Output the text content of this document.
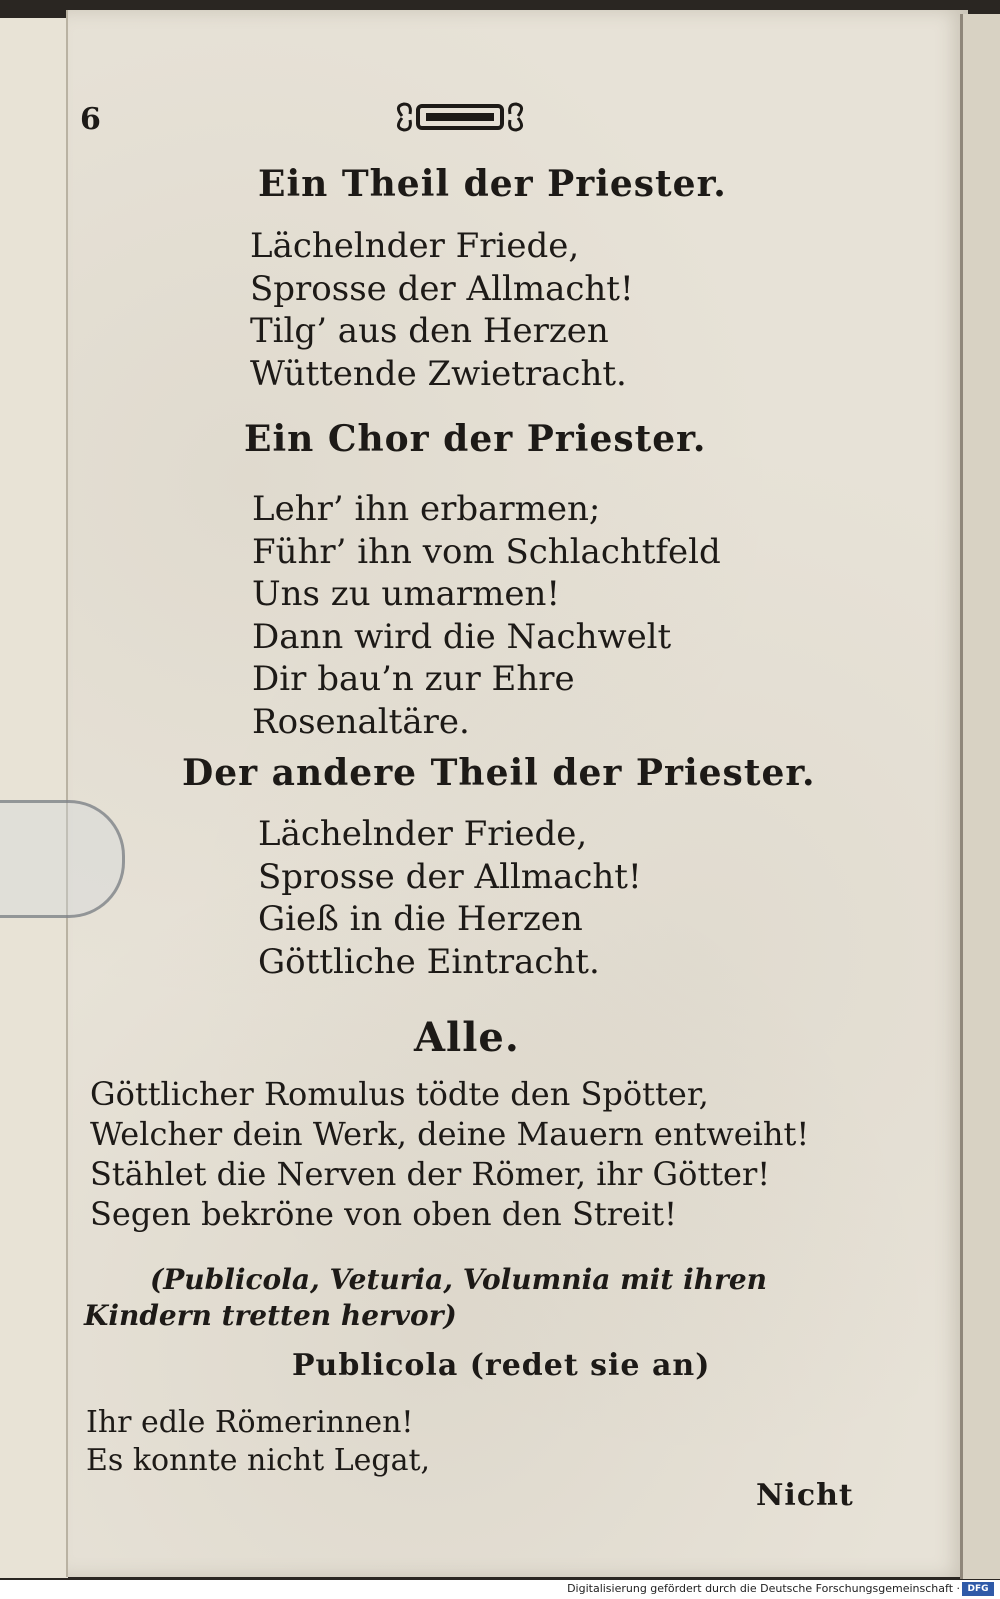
6
Ein Theil der Priester.
Lächelnder Friede,
Sprosse der Allmacht!
Tilg’ aus den Herzen
Wüttende Zwietracht.
Ein Chor der Priester.
Lehr’ ihn erbarmen;
Führ’ ihn vom Schlachtfeld
Uns zu umarmen!
Dann wird die Nachwelt
Dir bau’n zur Ehre
Rosenaltäre.
Der andere Theil der Priester.
Lächelnder Friede,
Sprosse der Allmacht!
Gieß in die Herzen
Göttliche Eintracht.
Alle.
Göttlicher Romulus tödte den Spötter,
Welcher dein Werk, deine Mauern entweiht!
Stählet die Nerven der Römer, ihr Götter!
Segen bekröne von oben den Streit!
(Publicola, Veturia, Volumnia mit ihren
Kindern tretten hervor)
Publicola (redet sie an)
Ihr edle Römerinnen!
Es konnte nicht Legat,
Nicht
Digitalisierung gefördert durch die Deutsche Forschungsgemeinschaft · DFG
